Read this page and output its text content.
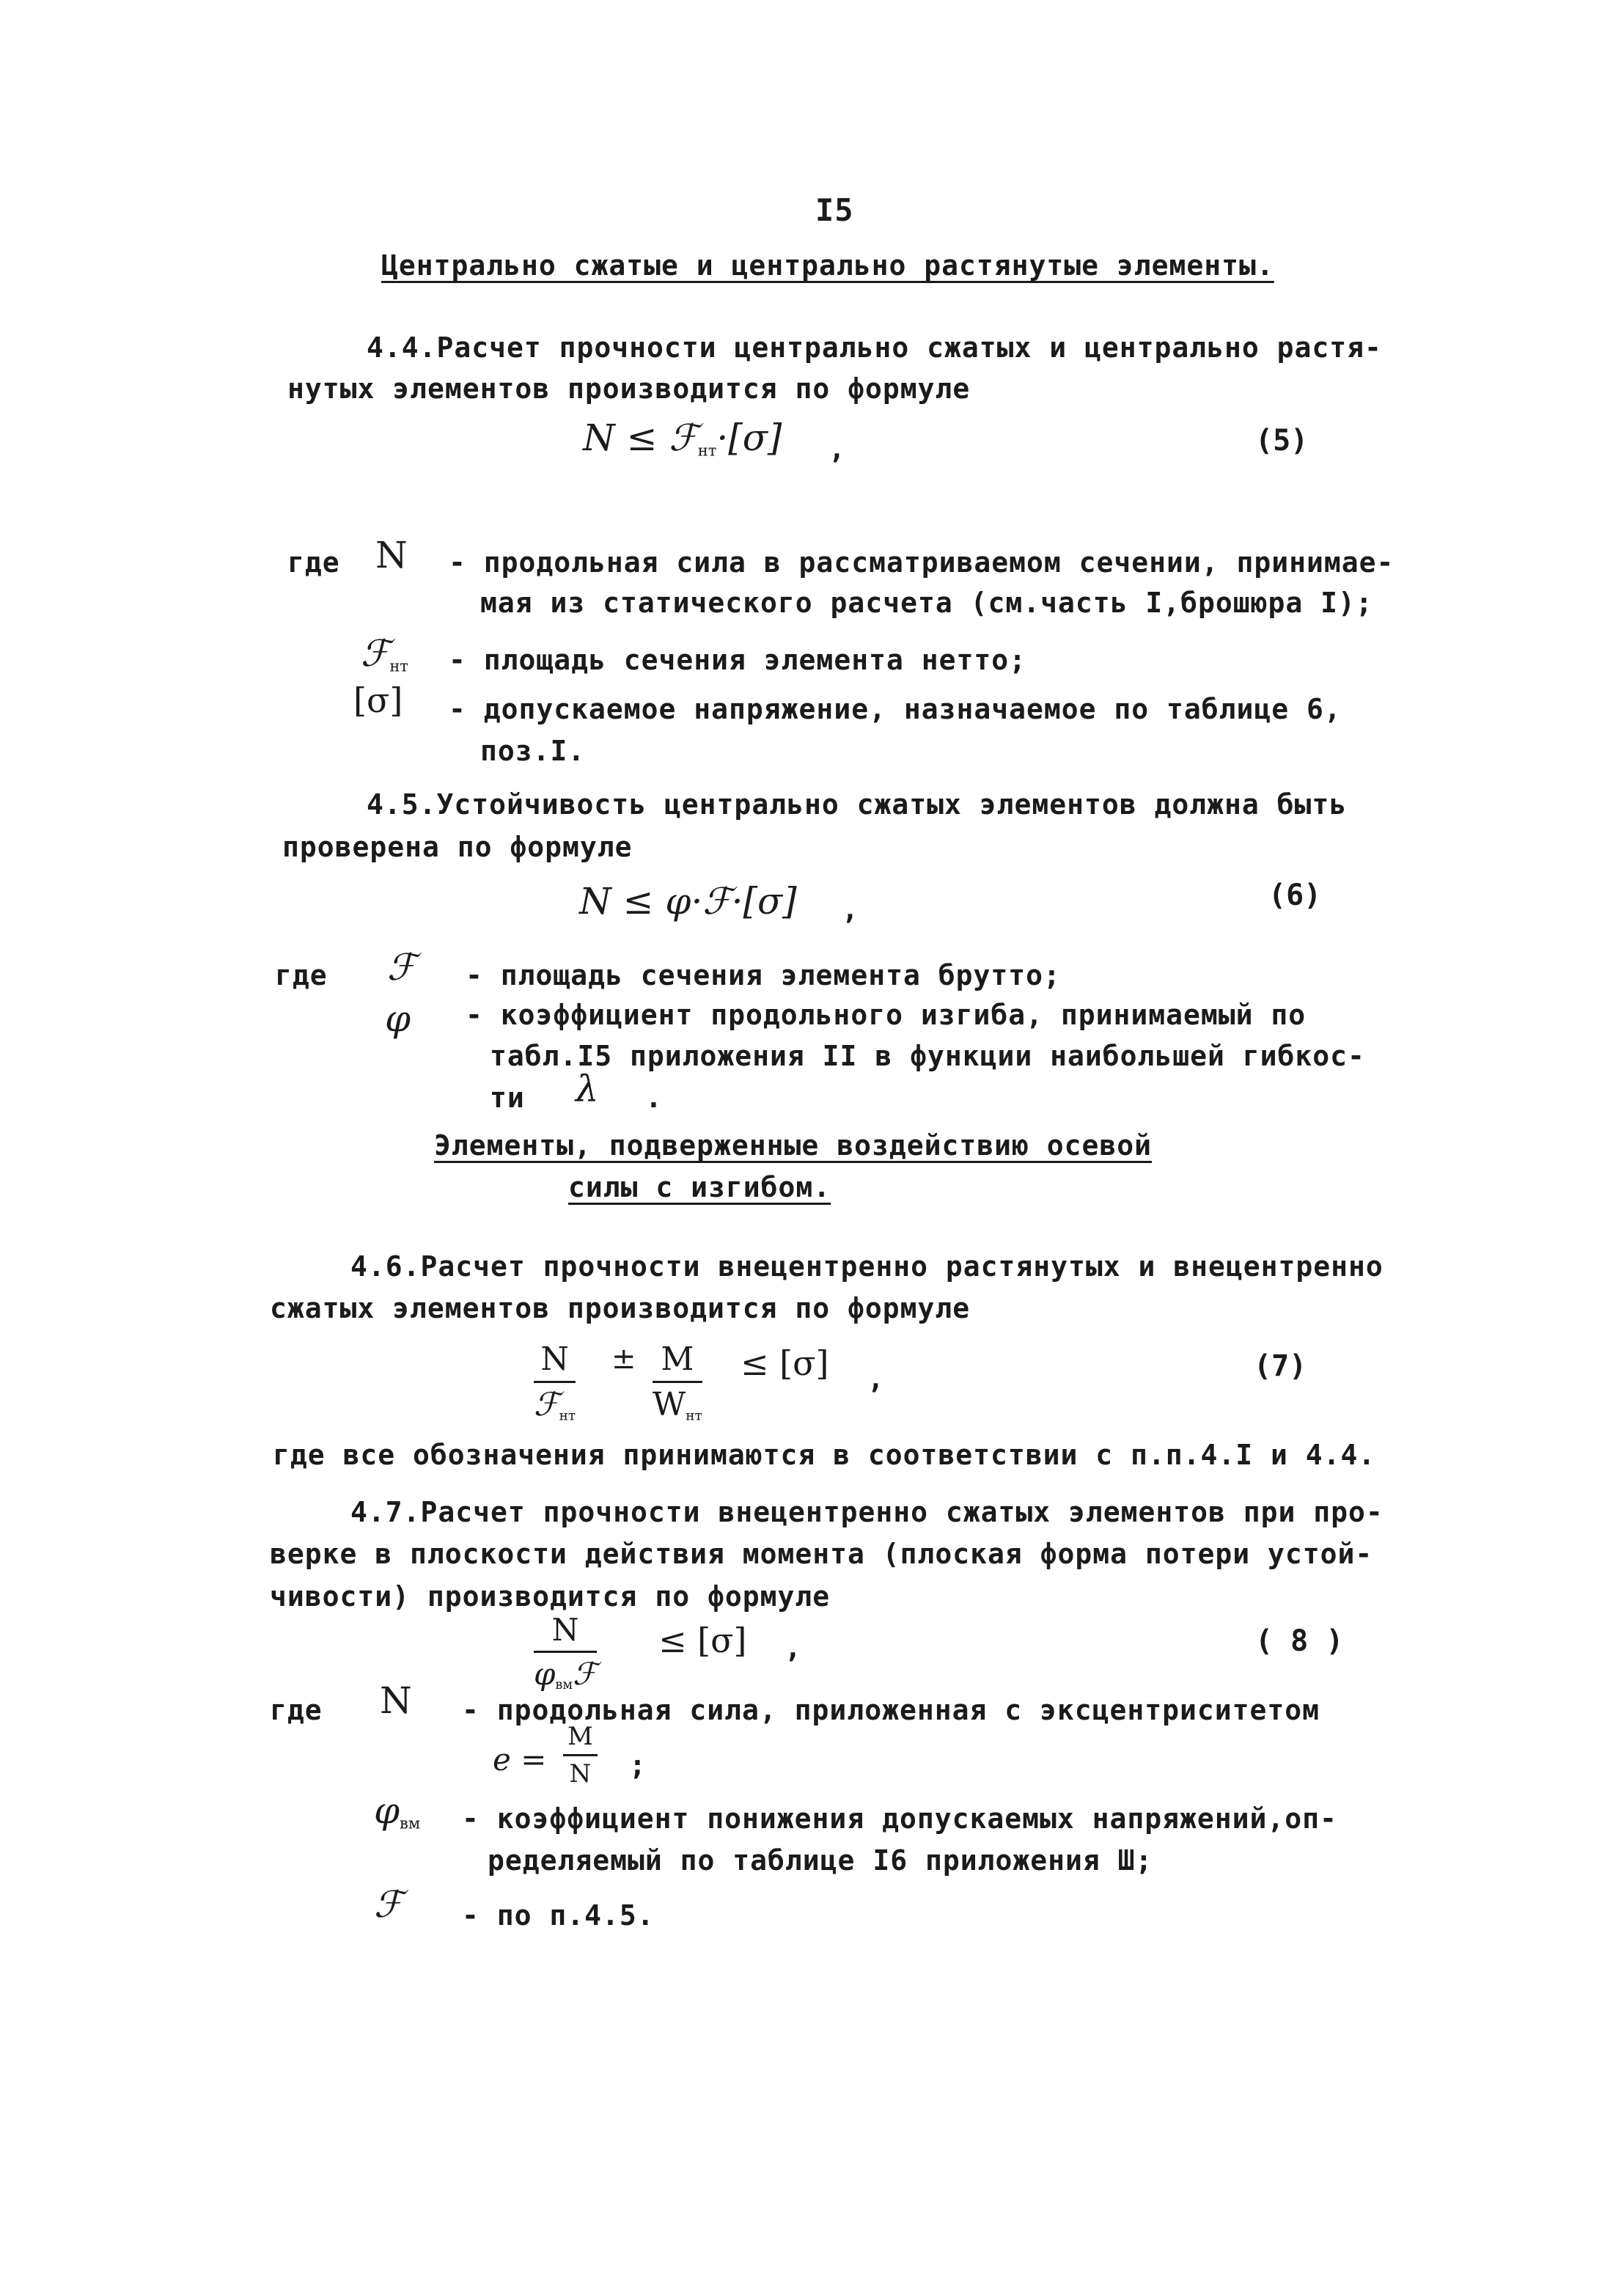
I5
Центрально сжатые и центрально растянутые элементы.
4.4.Расчет прочности центрально сжатых и центрально растя-
нутых элементов производится по формуле
N ≤ ℱ$_{нт}$·[σ] ,	(5)
где N - продольная сила в рассматриваемом сечении, принимае-
мая из статического расчета (см.часть I,брошюра I);
ℱ$_{нт}$ - площадь сечения элемента нетто;
[σ] - допускаемое напряжение, назначаемое по таблице 6,
поз.I.
4.5.Устойчивость центрально сжатых элементов должна быть
проверена по формуле
N ≤ φ·ℱ·[σ] ,	(6)
где ℱ - площадь сечения элемента брутто;
φ - коэффициент продольного изгиба, принимаемый по
табл.I5 приложения II в функции наибольшей гибкос-
ти λ .
Элементы, подверженные воздействию осевой
силы с изгибом.
4.6.Расчет прочности внецентренно растянутых и внецентренно
сжатых элементов производится по формуле
N
ℱ$_{нт}$
± M
$W_{нт}$
≤ [σ] ,	(7)
где все обозначения принимаются в соответствии с п.п.4.I и 4.4.
4.7.Расчет прочности внецентренно сжатых элементов при про-
верке в плоскости действия момента (плоская форма потери устой-
чивости) производится по формуле
N
$\varphi_{вм}ℱ$
≤ [σ] ,	( 8 )
где N - продольная сила, приложенная с эксцентриситетом
$e = \frac{M}{N}$ ;
$\varphi_{вм}$ - коэффициент понижения допускаемых напряжений,оп-
ределяемый по таблице I6 приложения Ш;
ℱ - по п.4.5.
